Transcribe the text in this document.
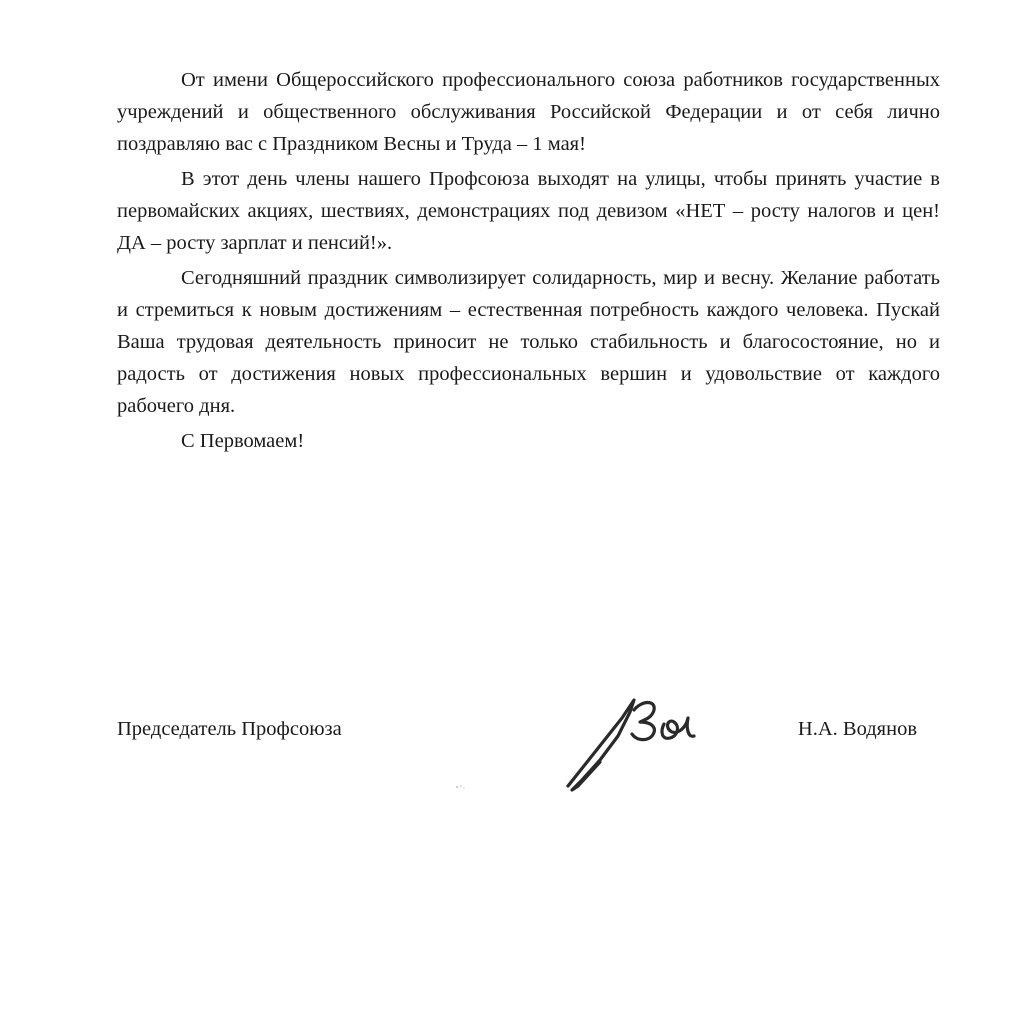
От имени Общероссийского профессионального союза работников государственных учреждений и общественного обслуживания Российской Федерации и от себя лично поздравляю вас с Праздником Весны и Труда – 1 мая!

В этот день члены нашего Профсоюза выходят на улицы, чтобы принять участие в первомайских акциях, шествиях, демонстрациях под девизом «НЕТ – росту налогов и цен! ДА – росту зарплат и пенсий!».

Сегодняшний праздник символизирует солидарность, мир и весну. Желание работать и стремиться к новым достижениям – естественная потребность каждого человека. Пускай Ваша трудовая деятельность приносит не только стабильность и благосостояние, но и радость от достижения новых профессиональных вершин и удовольствие от каждого рабочего дня.

С Первомаем!

Председатель Профсоюза	Н.А. Водянов
